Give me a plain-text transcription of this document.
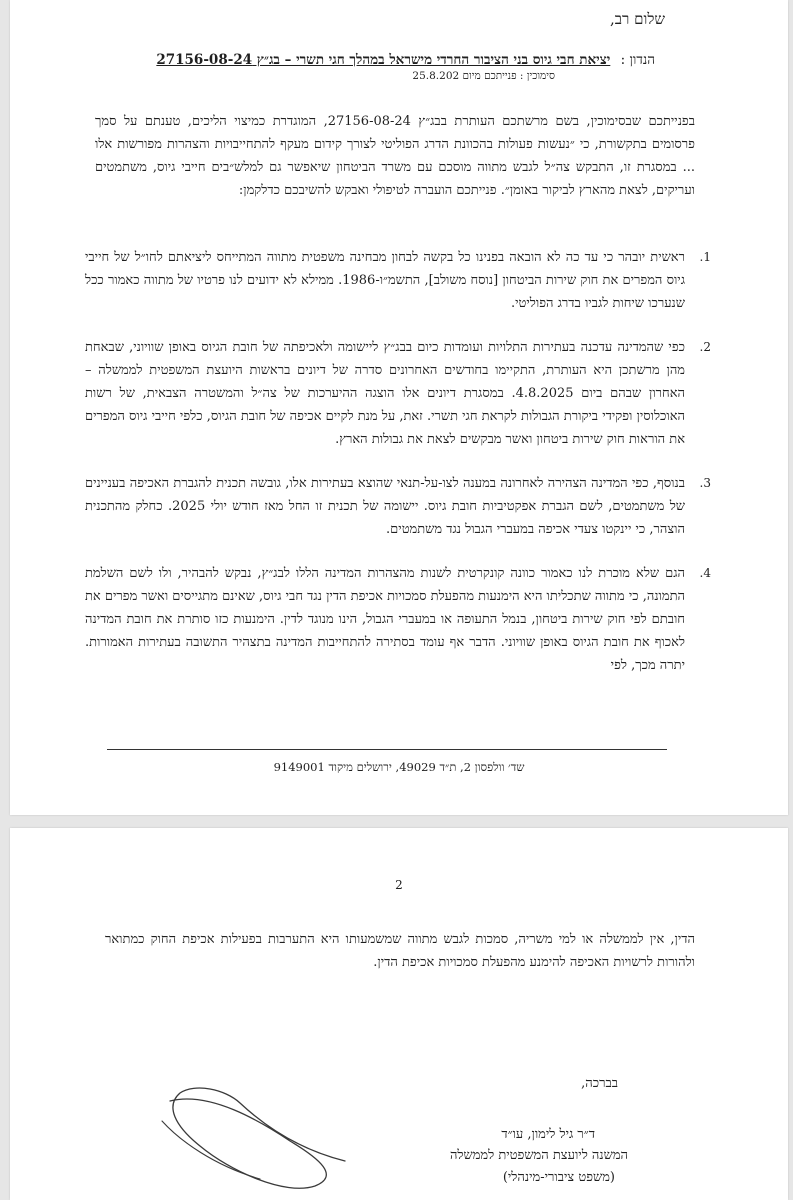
שלום רב,
הנדון : יציאת חבי גיוס בני הציבור החרדי מישראל במהלך חגי תשרי – בג״ץ 27156-08-24
סימוכין : פנייתכם מיום 25.8.202
בפנייתכם שבסימוכין, בשם מרשתכם העותרת בבג״ץ 27156-08-24, המוגדרת כמיצוי הליכים, טענתם על סמך פרסומים בתקשורת, כי ״נעשות פעולות בהכוונת הדרג הפוליטי לצורך קידום מעקף להתחייבויות והצהרות מפורשות אלו ... במסגרת זו, התבקש צה״ל לגבש מתווה מוסכם עם משרד הביטחון שיאפשר גם למלש״בים חייבי גיוס, משתמטים ועריקים, לצאת מהארץ לביקור באומן״. פנייתכם הועברה לטיפולי ואבקש להשיבכם כדלקמן:
1.
ראשית יובהר כי עד כה לא הובאה בפנינו כל בקשה לבחון מבחינה משפטית מתווה המתייחס ליציאתם לחו״ל של חייבי גיוס המפרים את חוק שירות הביטחון [נוסח משולב], התשמ״ו-1986. ממילא לא ידועים לנו פרטיו של מתווה כאמור ככל שנערכו שיחות לגביו בדרג הפוליטי.
2.
כפי שהמדינה עדכנה בעתירות התלויות ועומדות כיום בבג״ץ ליישומה ולאכיפתה של חובת הגיוס באופן שוויוני, שבאחת מהן מרשתכן היא העותרת, התקיימו בחודשים האחרונים סדרה של דיונים בראשות היועצת המשפטית לממשלה – האחרון שבהם ביום 4.8.2025. במסגרת דיונים אלו הוצגה ההיערכות של צה״ל והמשטרה הצבאית, של רשות האוכלוסין ופקידי ביקורת הגבולות לקראת חגי תשרי. זאת, על מנת לקיים אכיפה של חובת הגיוס, כלפי חייבי גיוס המפרים את הוראות חוק שירות ביטחון ואשר מבקשים לצאת את גבולות הארץ.
3.
בנוסף, כפי המדינה הצהירה לאחרונה במענה לצו-על-תנאי שהוצא בעתירות אלו, גובשה תכנית להגברת האכיפה בעניינים של משתמטים, לשם הגברת אפקטיביות חובת גיוס. יישומה של תכנית זו החל מאז חודש יולי 2025. כחלק מהתכנית הוצהר, כי יינקטו צעדי אכיפה במעברי הגבול נגד משתמטים.
4.
הגם שלא מוכרת לנו כאמור כוונה קונקרטית לשנות מהצהרות המדינה הללו לבג״ץ, נבקש להבהיר, ולו לשם השלמת התמונה, כי מתווה שתכליתו היא הימנעות מהפעלת סמכויות אכיפת הדין נגד חבי גיוס, שאינם מתגייסים ואשר מפרים את חובתם לפי חוק שירות ביטחון, בנמל התעופה או במעברי הגבול, הינו מנוגד לדין. הימנעות כזו סותרת את חובת המדינה לאכוף את חובת הגיוס באופן שוויוני. הדבר אף עומד בסתירה להתחייבות המדינה בתצהיר התשובה בעתירות האמורות. יתרה מכך, לפי
שד׳ וולפסון 2, ת״ד 49029, ירושלים מיקוד 9149001
2
הדין, אין לממשלה או למי משריה, סמכות לגבש מתווה שמשמעותו היא התערבות בפעילות אכיפת החוק כמתואר ולהורות לרשויות האכיפה להימנע מהפעלת סמכויות אכיפת הדין.
בברכה,
ד״ר גיל לימון, עו״ד
המשנה ליועצת המשפטית לממשלה
(משפט ציבורי-מינהלי)
